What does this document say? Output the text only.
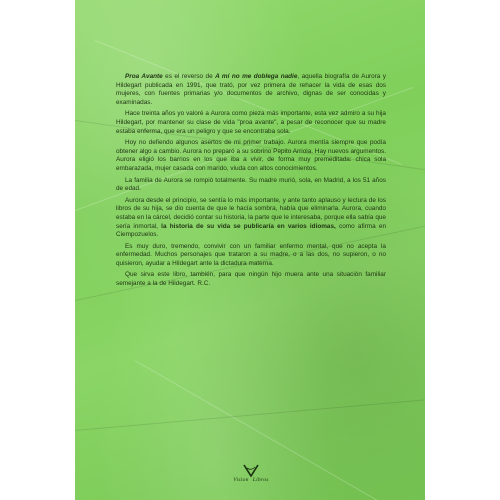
Proa Avante es el reverso de A mí no me doblega nadie, aquella biografía de Aurora y Hildegart publicada en 1991, que trató, por vez primera de rehacer la vida de esas dos mujeres, con fuentes primarias y/o documentos de archivo, dignas de ser conocidas y examinadas.

Hace treinta años yo valoré a Aurora como pieza más importante, esta vez admiro a su hija Hildegart, por mantener su clase de vida "proa avante", a pesar de reconocer que su madre estaba enferma, que era un peligro y que se encontraba sola.

Hoy no defiendo algunos asertos de mi primer trabajo. Aurora mentía siempre que podía obtener algo a cambio. Aurora no preparó a su sobrino Pepito Arriola. Hay nuevos argumentos. Aurora eligió los barrios en los que iba a vivir, de forma muy premeditada: chica sola embarazada, mujer casada con marido, viuda con altos conocimientos.

La familia de Aurora se rompió totalmente. Su madre murió, sola, en Madrid, a los 51 años de edad.

Aurora desde el principio, se sentía lo más importante, y ante tanto aplauso y lectura de los libros de su hija, se dio cuenta de que le hacía sombra, había que eliminarla. Aurora, cuando estaba en la cárcel, decidió contar su historia, la parte que le interesaba, porque ella sabía que sería inmortal, la historia de su vida se publicaría en varios idiomas, como afirma en Ciempozuelos.

Es muy duro, tremendo, convivir con un familiar enfermo mental, que no acepta la enfermedad. Muchos personajes que trataron a su madre, o a las dos, no supieron, o no quisieron, ayudar a Hildegart ante la dictadura materna.

Que sirva este libro, también, para que ningún hijo muera ante una situación familiar semejante a la de Hildegart. R.C.

Vision Libros
